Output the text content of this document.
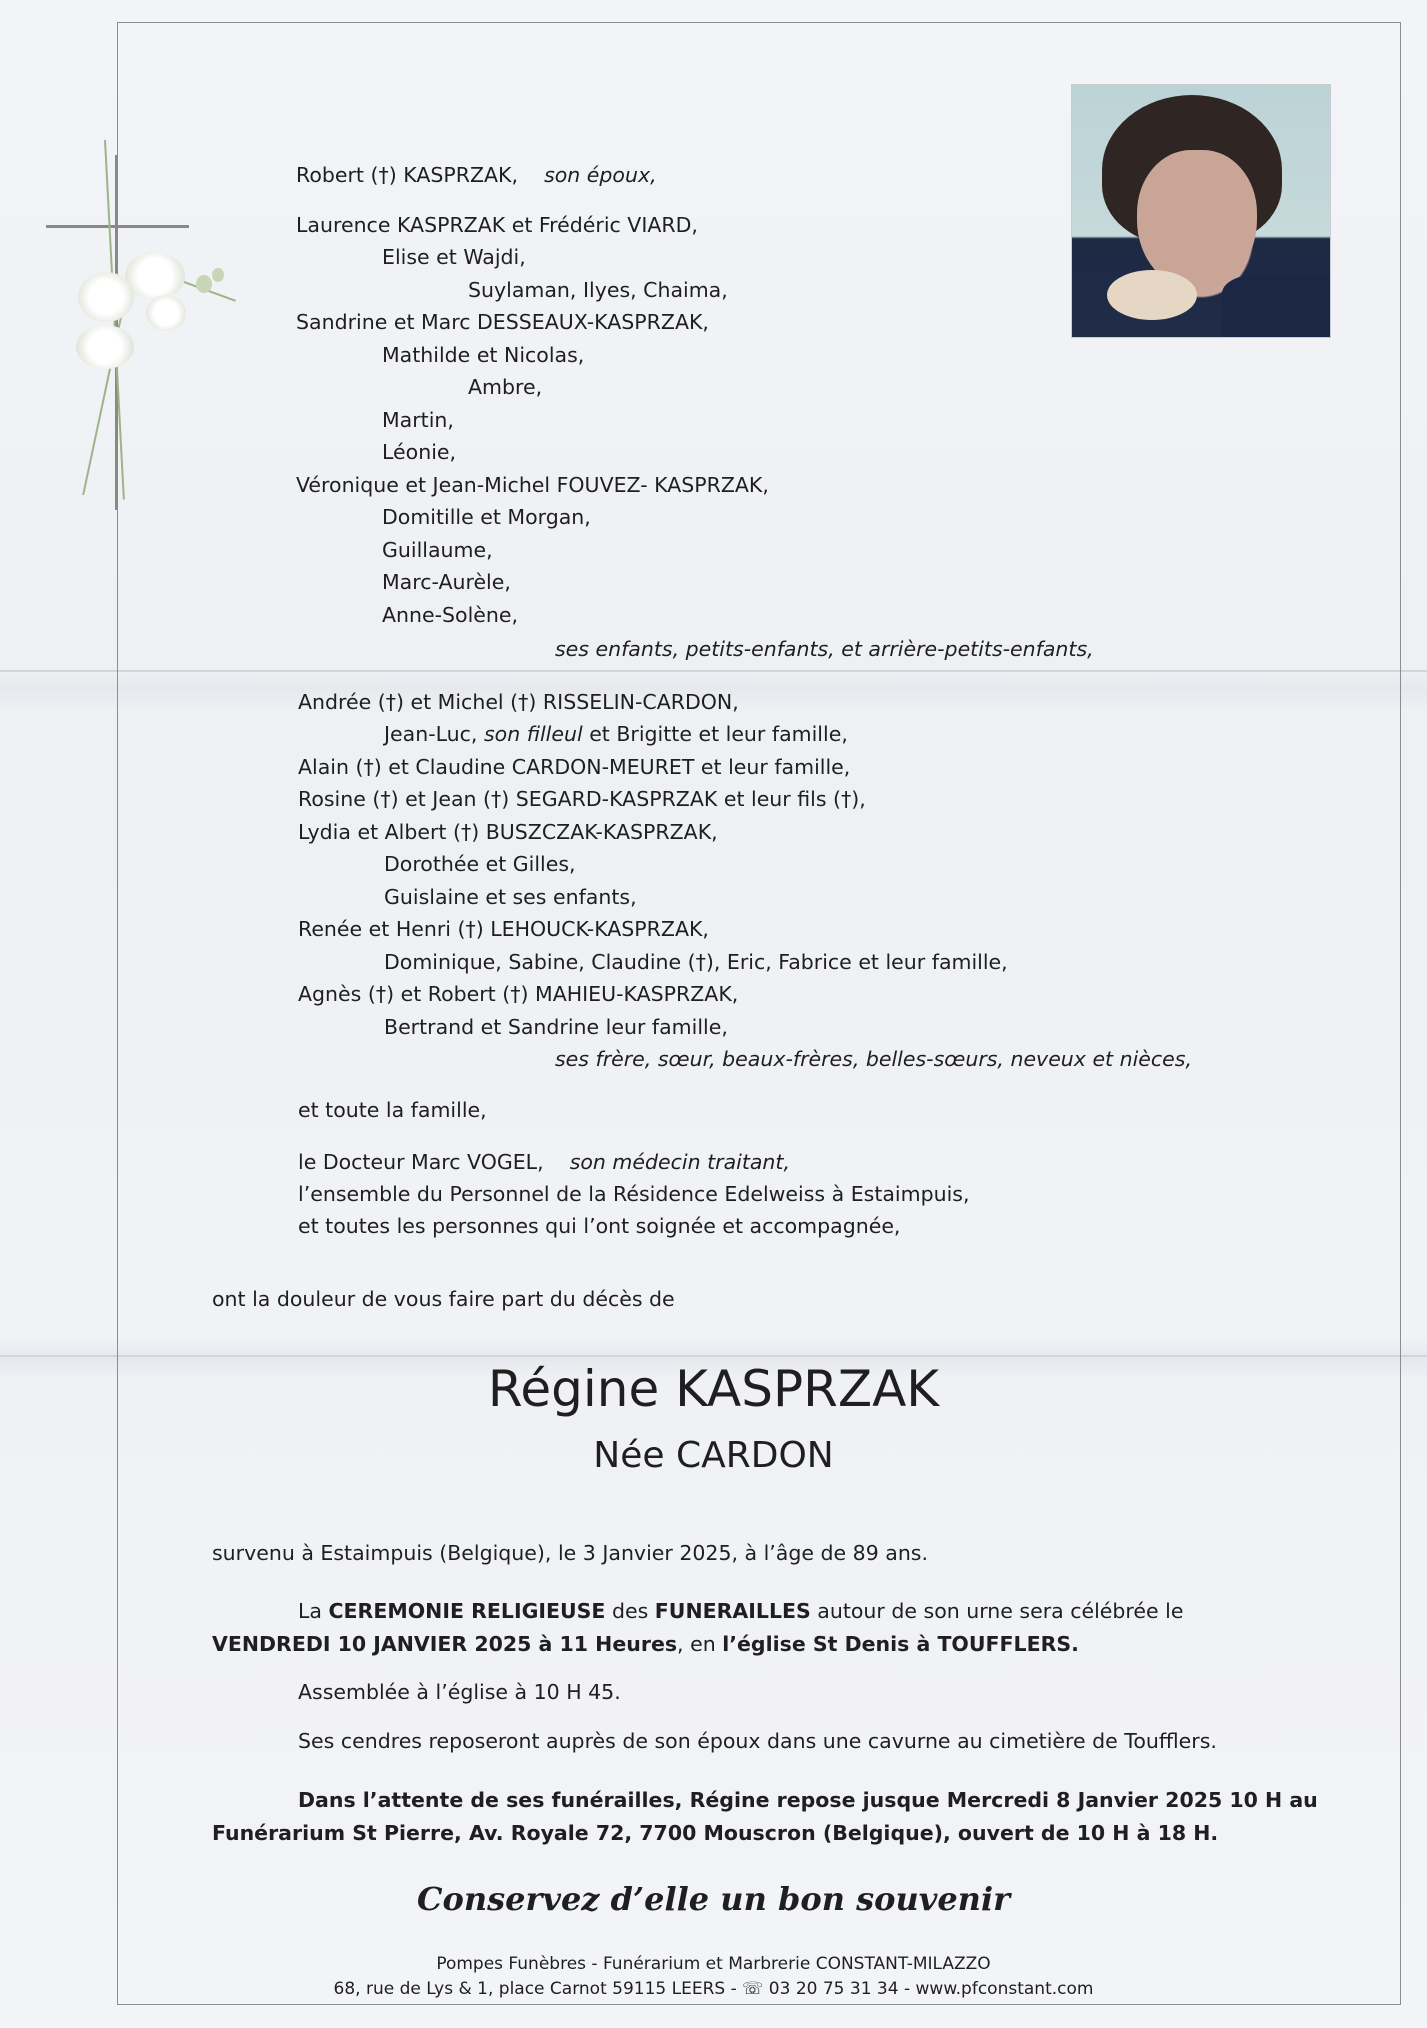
Robert (†) KASPRZAK, son époux,
Laurence KASPRZAK et Frédéric VIARD,
Elise et Wajdi,
Suylaman, Ilyes, Chaima,
Sandrine et Marc DESSEAUX-KASPRZAK,
Mathilde et Nicolas,
Ambre,
Martin,
Léonie,
Véronique et Jean-Michel FOUVEZ- KASPRZAK,
Domitille et Morgan,
Guillaume,
Marc-Aurèle,
Anne-Solène,
ses enfants, petits-enfants, et arrière-petits-enfants,
Andrée (†) et Michel (†) RISSELIN-CARDON,
Jean-Luc, son filleul et Brigitte et leur famille,
Alain (†) et Claudine CARDON-MEURET et leur famille,
Rosine (†) et Jean (†) SEGARD-KASPRZAK et leur fils (†),
Lydia et Albert (†) BUSZCZAK-KASPRZAK,
Dorothée et Gilles,
Guislaine et ses enfants,
Renée et Henri (†) LEHOUCK-KASPRZAK,
Dominique, Sabine, Claudine (†), Eric, Fabrice et leur famille,
Agnès (†) et Robert (†) MAHIEU-KASPRZAK,
Bertrand et Sandrine leur famille,
ses frère, sœur, beaux-frères, belles-sœurs, neveux et nièces,
et toute la famille,
le Docteur Marc VOGEL, son médecin traitant,
l’ensemble du Personnel de la Résidence Edelweiss à Estaimpuis,
et toutes les personnes qui l’ont soignée et accompagnée,
ont la douleur de vous faire part du décès de
Régine KASPRZAK
Née CARDON
survenu à Estaimpuis (Belgique), le 3 Janvier 2025, à l’âge de 89 ans.
La CEREMONIE RELIGIEUSE des FUNERAILLES autour de son urne sera célébrée le
VENDREDI 10 JANVIER 2025 à 11 Heures, en l’église St Denis à TOUFFLERS.
Assemblée à l’église à 10 H 45.
Ses cendres reposeront auprès de son époux dans une cavurne au cimetière de Toufflers.
Dans l’attente de ses funérailles, Régine repose jusque Mercredi 8 Janvier 2025 10 H au
Funérarium St Pierre, Av. Royale 72, 7700 Mouscron (Belgique), ouvert de 10 H à 18 H.
Conservez d’elle un bon souvenir
Pompes Funèbres - Funérarium et Marbrerie CONSTANT-MILAZZO
68, rue de Lys & 1, place Carnot 59115 LEERS - ☏ 03 20 75 31 34 - www.pfconstant.com
